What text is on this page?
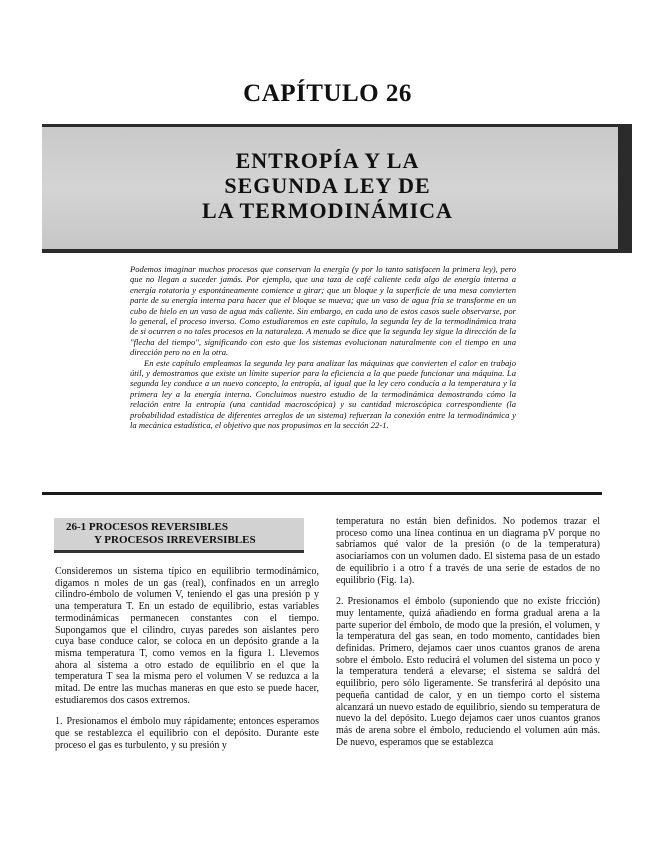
CAPÍTULO 26
ENTROPÍA Y LA
SEGUNDA LEY DE
LA TERMODINÁMICA

Podemos imaginar muchos procesos que conservan la energía (y por lo tanto satisfacen la primera ley), pero que no llegan a suceder jamás. Por ejemplo, que una taza de café caliente ceda algo de energía interna a energía rotatoria y espontáneamente comience a girar; que un bloque y la superficie de una mesa convierten parte de su energía interna para hacer que el bloque se mueva; que un vaso de agua fría se transforme en un cubo de hielo en un vaso de agua más caliente. Sin embargo, en cada uno de estos casos suele observarse, por lo general, el proceso inverso. Como estudiaremos en este capítulo, la segunda ley de la termodinámica trata de si ocurren o no tales procesos en la naturaleza. A menudo se dice que la segunda ley sigue la dirección de la "flecha del tiempo", significando con esto que los sistemas evolucionan naturalmente con el tiempo en una dirección pero no en la otra.

En este capítulo empleamos la segunda ley para analizar las máquinas que convierten el calor en trabajo útil, y demostramos que existe un límite superior para la eficiencia a la que puede funcionar una máquina. La segunda ley conduce a un nuevo concepto, la entropía, al igual que la ley cero conducía a la temperatura y la primera ley a la energía interna. Concluimos nuestro estudio de la termodinámica demostrando cómo la relación entre la entropía (una cantidad macroscópica) y su cantidad microscópica correspondiente (la probabilidad estadística de diferentes arreglos de un sistema) refuerzan la conexión entre la termodinámica y la mecánica estadística, el objetivo que nos propusimos en la sección 22-1.

26-1 PROCESOS REVERSIBLES
Y PROCESOS IRREVERSIBLES

Consideremos un sistema típico en equilibrio termodinámico, digamos n moles de un gas (real), confinados en un arreglo cilindro-émbolo de volumen V, teniendo el gas una presión p y una temperatura T. En un estado de equilibrio, estas variables termodinámicas permanecen constantes con el tiempo. Supongamos que el cilindro, cuyas paredes son aislantes pero cuya base conduce calor, se coloca en un depósito grande a la misma temperatura T, como vemos en la figura 1. Llevemos ahora al sistema a otro estado de equilibrio en el que la temperatura T sea la misma pero el volumen V se reduzca a la mitad. De entre las muchas maneras en que esto se puede hacer, estudiaremos dos casos extremos.

1. Presionamos el émbolo muy rápidamente; entonces esperamos que se restablezca el equilibrio con el depósito. Durante este proceso el gas es turbulento, y su presión y

temperatura no están bien definidos. No podemos trazar el proceso como una línea continua en un diagrama pV porque no sabríamos qué valor de la presión (o de la temperatura) asociaríamos con un volumen dado. El sistema pasa de un estado de equilibrio i a otro f a través de una serie de estados de no equilibrio (Fig. 1a).

2. Presionamos el émbolo (suponiendo que no existe fricción) muy lentamente, quizá añadiendo en forma gradual arena a la parte superior del émbolo, de modo que la presión, el volumen, y la temperatura del gas sean, en todo momento, cantidades bien definidas. Primero, dejamos caer unos cuantos granos de arena sobre el émbolo. Esto reducirá el volumen del sistema un poco y la temperatura tenderá a elevarse; el sistema se saldrá del equilibrio, pero sólo ligeramente. Se transferirá al depósito una pequeña cantidad de calor, y en un tiempo corto el sistema alcanzará un nuevo estado de equilibrio, siendo su temperatura de nuevo la del depósito. Luego dejamos caer unos cuantos granos más de arena sobre el émbolo, reduciendo el volumen aún más. De nuevo, esperamos que se establezca
